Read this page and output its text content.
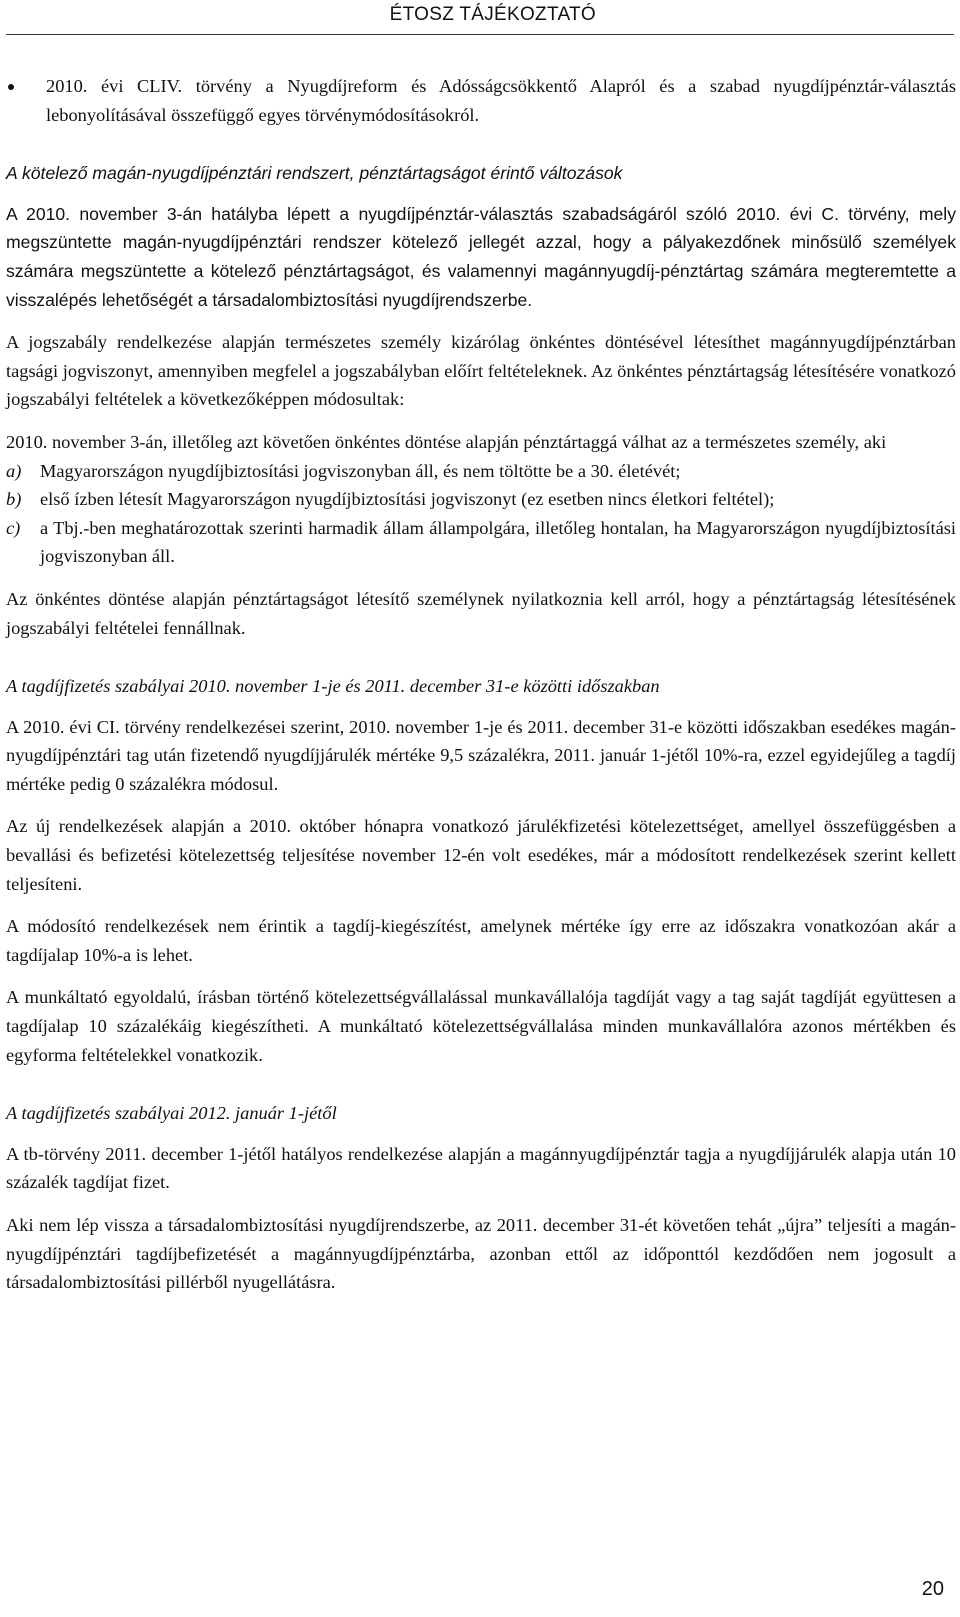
ÉTOSZ TÁJÉKOZTATÓ

2010. évi CLIV. törvény a Nyugdíjreform és Adósságcsökkentő Alapról és a szabad nyugdíjpénztár-választás lebonyolításával összefüggő egyes törvénymódosításokról.

A kötelező magán-nyugdíjpénztári rendszert, pénztártagságot érintő változások

A 2010. november 3-án hatályba lépett a nyugdíjpénztár-választás szabadságáról szóló 2010. évi C. törvény, mely megszüntette magán-nyugdíjpénztári rendszer kötelező jellegét azzal, hogy a pályakezdőnek minősülő személyek számára megszüntette a kötelező pénztártagságot, és valamennyi magánnyugdíj-pénztártag számára megteremtette a visszalépés lehetőségét a társadalombiztosítási nyugdíjrendszerbe.

A jogszabály rendelkezése alapján természetes személy kizárólag önkéntes döntésével létesíthet magánnyugdíjpénztárban tagsági jogviszonyt, amennyiben megfelel a jogszabályban előírt feltételeknek. Az önkéntes pénztártagság létesítésére vonatkozó jogszabályi feltételek a következőképpen módosultak:

2010. november 3-án, illetőleg azt követően önkéntes döntése alapján pénztártaggá válhat az a természetes személy, aki

a) Magyarországon nyugdíjbiztosítási jogviszonyban áll, és nem töltötte be a 30. életévét;
b) első ízben létesít Magyarországon nyugdíjbiztosítási jogviszonyt (ez esetben nincs életkori feltétel);
c) a Tbj.-ben meghatározottak szerinti harmadik állam állampolgára, illetőleg hontalan, ha Magyarországon nyugdíjbiztosítási jogviszonyban áll.

Az önkéntes döntése alapján pénztártagságot létesítő személynek nyilatkoznia kell arról, hogy a pénztártagság létesítésének jogszabályi feltételei fennállnak.

A tagdíjfizetés szabályai 2010. november 1-je és 2011. december 31-e közötti időszakban

A 2010. évi CI. törvény rendelkezései szerint, 2010. november 1-je és 2011. december 31-e közötti időszakban esedékes magán-nyugdíjpénztári tag után fizetendő nyugdíjjárulék mértéke 9,5 százalékra, 2011. január 1-jétől 10%-ra, ezzel egyidejűleg a tagdíj mértéke pedig 0 százalékra módosul.

Az új rendelkezések alapján a 2010. október hónapra vonatkozó járulékfizetési kötelezettséget, amellyel összefüggésben a bevallási és befizetési kötelezettség teljesítése november 12-én volt esedékes, már a módosított rendelkezések szerint kellett teljesíteni.

A módosító rendelkezések nem érintik a tagdíj-kiegészítést, amelynek mértéke így erre az időszakra vonatkozóan akár a tagdíjalap 10%-a is lehet.

A munkáltató egyoldalú, írásban történő kötelezettségvállalással munkavállalója tagdíját vagy a tag saját tagdíját együttesen a tagdíjalap 10 százalékáig kiegészítheti. A munkáltató kötelezettségvállalása minden munkavállalóra azonos mértékben és egyforma feltételekkel vonatkozik.

A tagdíjfizetés szabályai 2012. január 1-jétől

A tb-törvény 2011. december 1-jétől hatályos rendelkezése alapján a magánnyugdíjpénztár tagja a nyugdíjjárulék alapja után 10 százalék tagdíjat fizet.

Aki nem lép vissza a társadalombiztosítási nyugdíjrendszerbe, az 2011. december 31-ét követően tehát „újra” teljesíti a magán-nyugdíjpénztári tagdíjbefizetését a magánnyugdíjpénztárba, azonban ettől az időponttól kezdődően nem jogosult a társadalombiztosítási pillérből nyugellátásra.

20
